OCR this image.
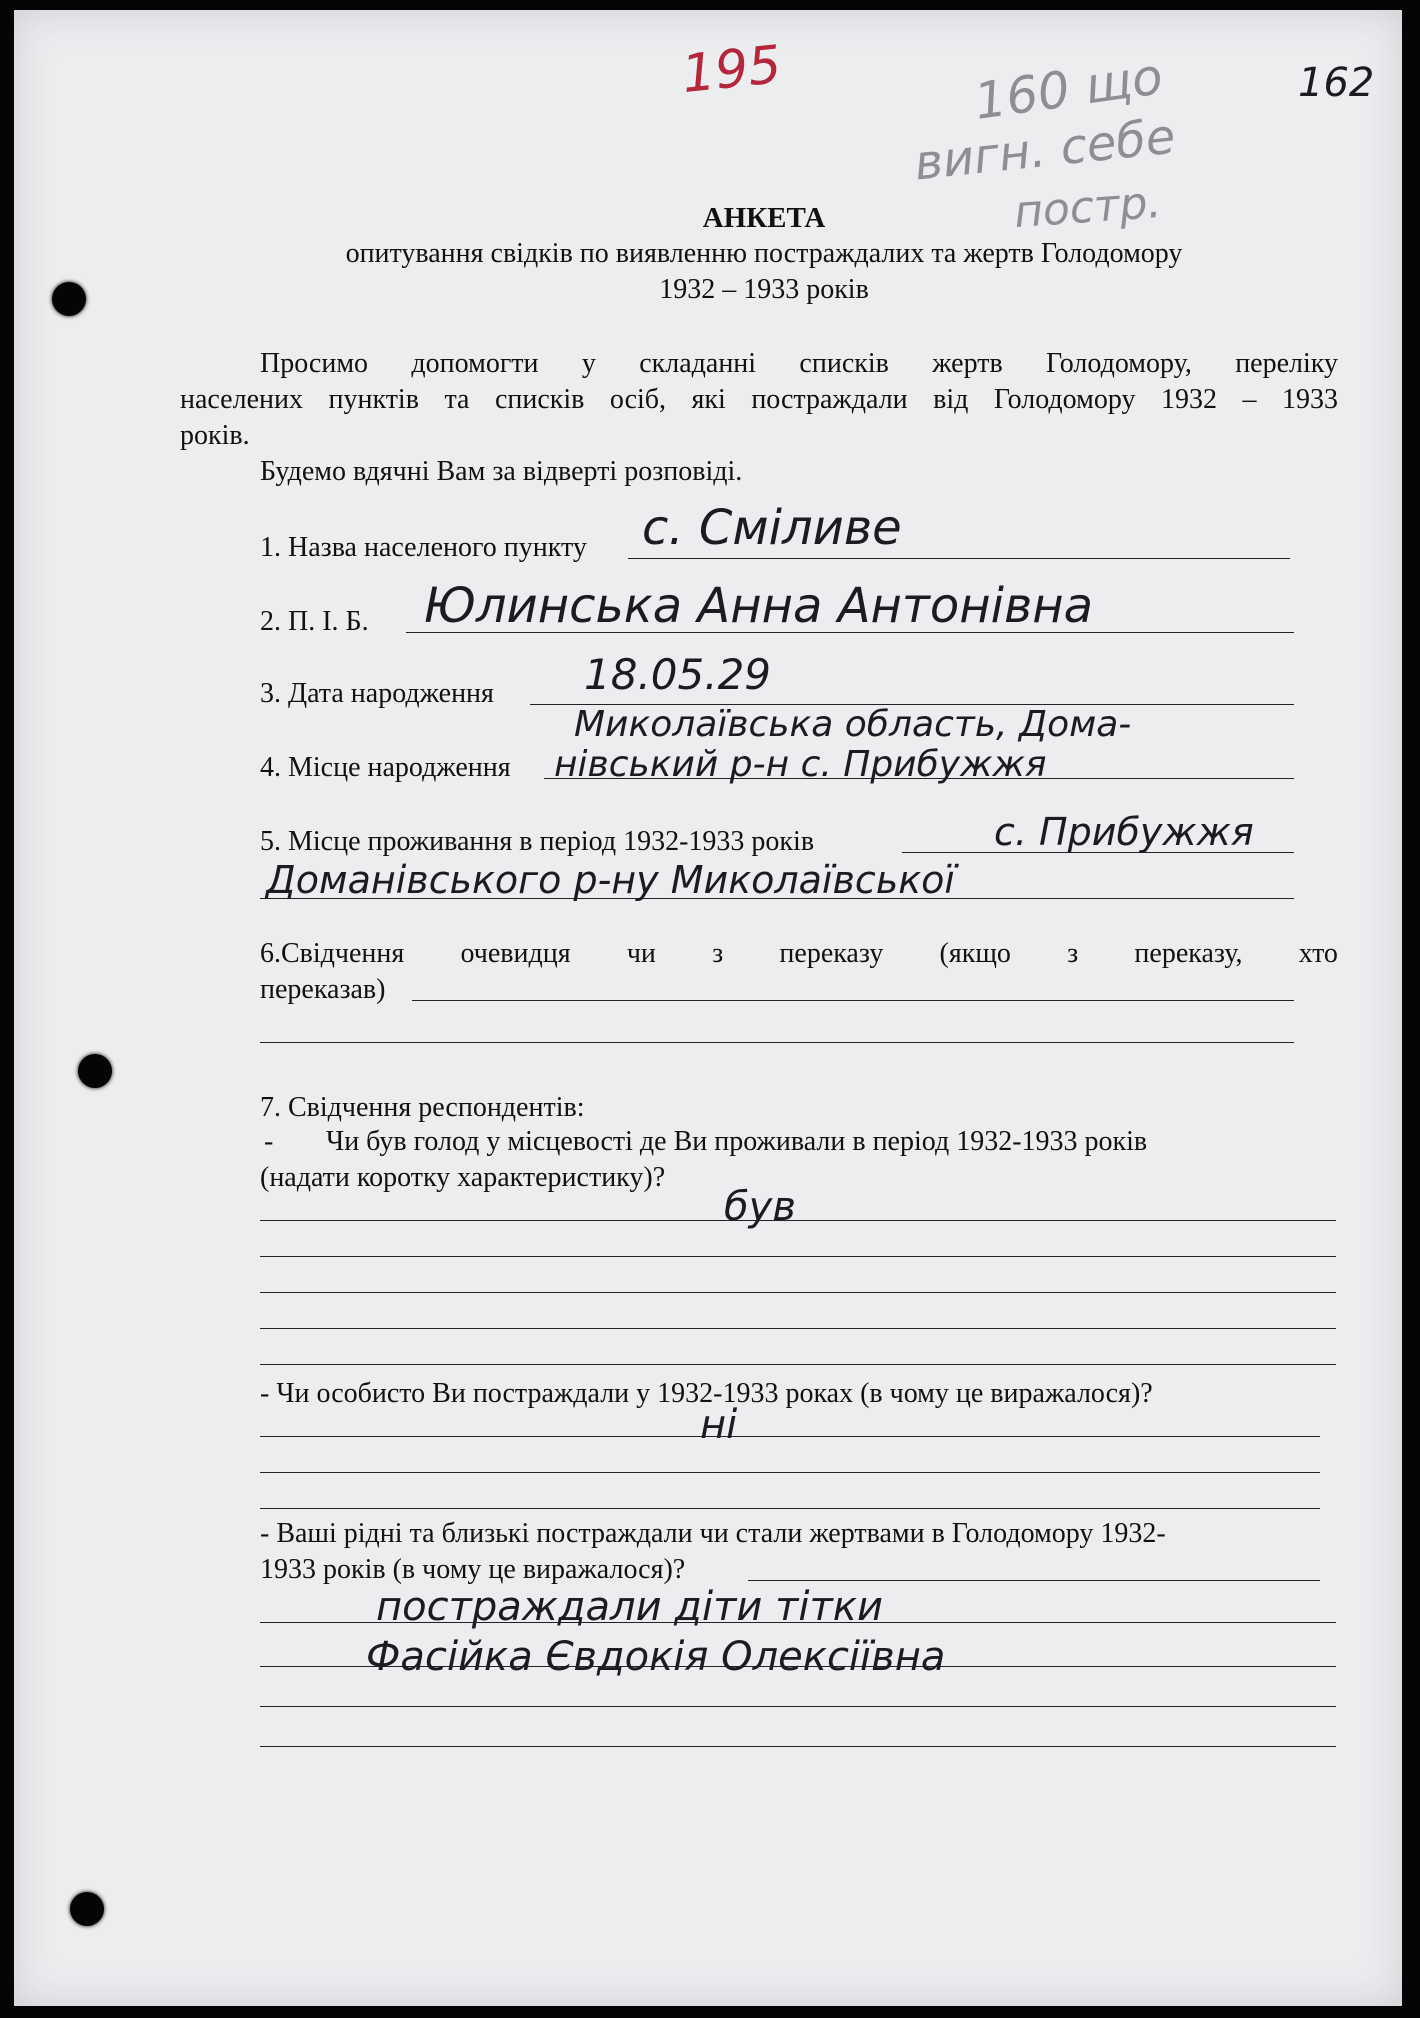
195	162
160 що
вигн. себе
постр.
АНКЕТА
опитування свідків по виявленню постраждалих та жертв Голодомору
1932 – 1933 років
Просимо допомогти у складанні списків жертв Голодомору, переліку
населених пунктів та списків осіб, які постраждали від Голодомору 1932 – 1933
років.
Будемо вдячні Вам за відверті розповіді.
1. Назва населеного пункту с. Сміливе
2. П. І. Б. Юлинська Анна Антонівна
3. Дата народження 18.05.29
Миколаївська область, Дома-
4. Місце народження нівський р-н с. Прибужжя
5. Місце проживання в період 1932-1933 років	с. Прибужжя
Доманівського р-ну Миколаївської
6.Свідчення очевидця чи з переказу (якщо з переказу, хто
переказав)
7. Свідчення респондентів:
- Чи був голод у місцевості де Ви проживали в період 1932-1933 років
(надати коротку характеристику)?
був
- Чи особисто Ви постраждали у 1932-1933 роках (в чому це виражалося)?
ні
- Ваші рідні та близькі постраждали чи стали жертвами в Голодомору 1932-
1933 років (в чому це виражалося)?
постраждали діти тітки
Фасійка Євдокія Олексіївна
